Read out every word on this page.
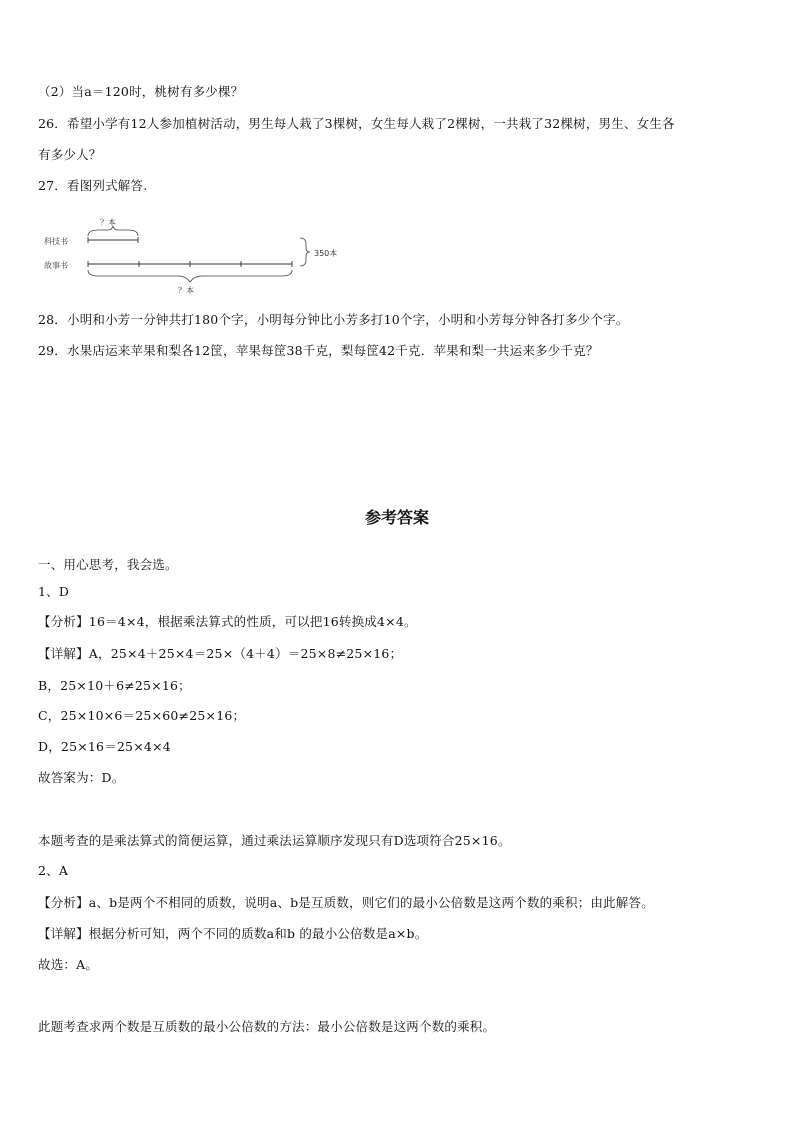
（2）当a＝120时，桃树有多少棵？
26．希望小学有12人参加植树活动，男生每人栽了3棵树，女生每人栽了2棵树，一共栽了32棵树，男生、女生各
有多少人？
27．看图列式解答.
？本
科技书
故事书
350本
？本
28．小明和小芳一分钟共打180个字，小明每分钟比小芳多打10个字，小明和小芳每分钟各打多少个字。
29．水果店运来苹果和梨各12筐，苹果每筐38千克，梨每筐42千克．苹果和梨一共运来多少千克？
参考答案
一、用心思考，我会选。
1、D
【分析】16＝4×4，根据乘法算式的性质，可以把16转换成4×4。
【详解】A，25×4＋25×4＝25×（4＋4）＝25×8≠25×16；
B，25×10＋6≠25×16；
C，25×10×6＝25×60≠25×16；
D，25×16＝25×4×4
故答案为：D。
本题考查的是乘法算式的简便运算，通过乘法运算顺序发现只有D选项符合25×16。
2、A
【分析】a、b是两个不相同的质数，说明a、b是互质数，则它们的最小公倍数是这两个数的乘积；由此解答。
【详解】根据分析可知，两个不同的质数a和b 的最小公倍数是a×b。
故选：A。
此题考查求两个数是互质数的最小公倍数的方法：最小公倍数是这两个数的乘积。
